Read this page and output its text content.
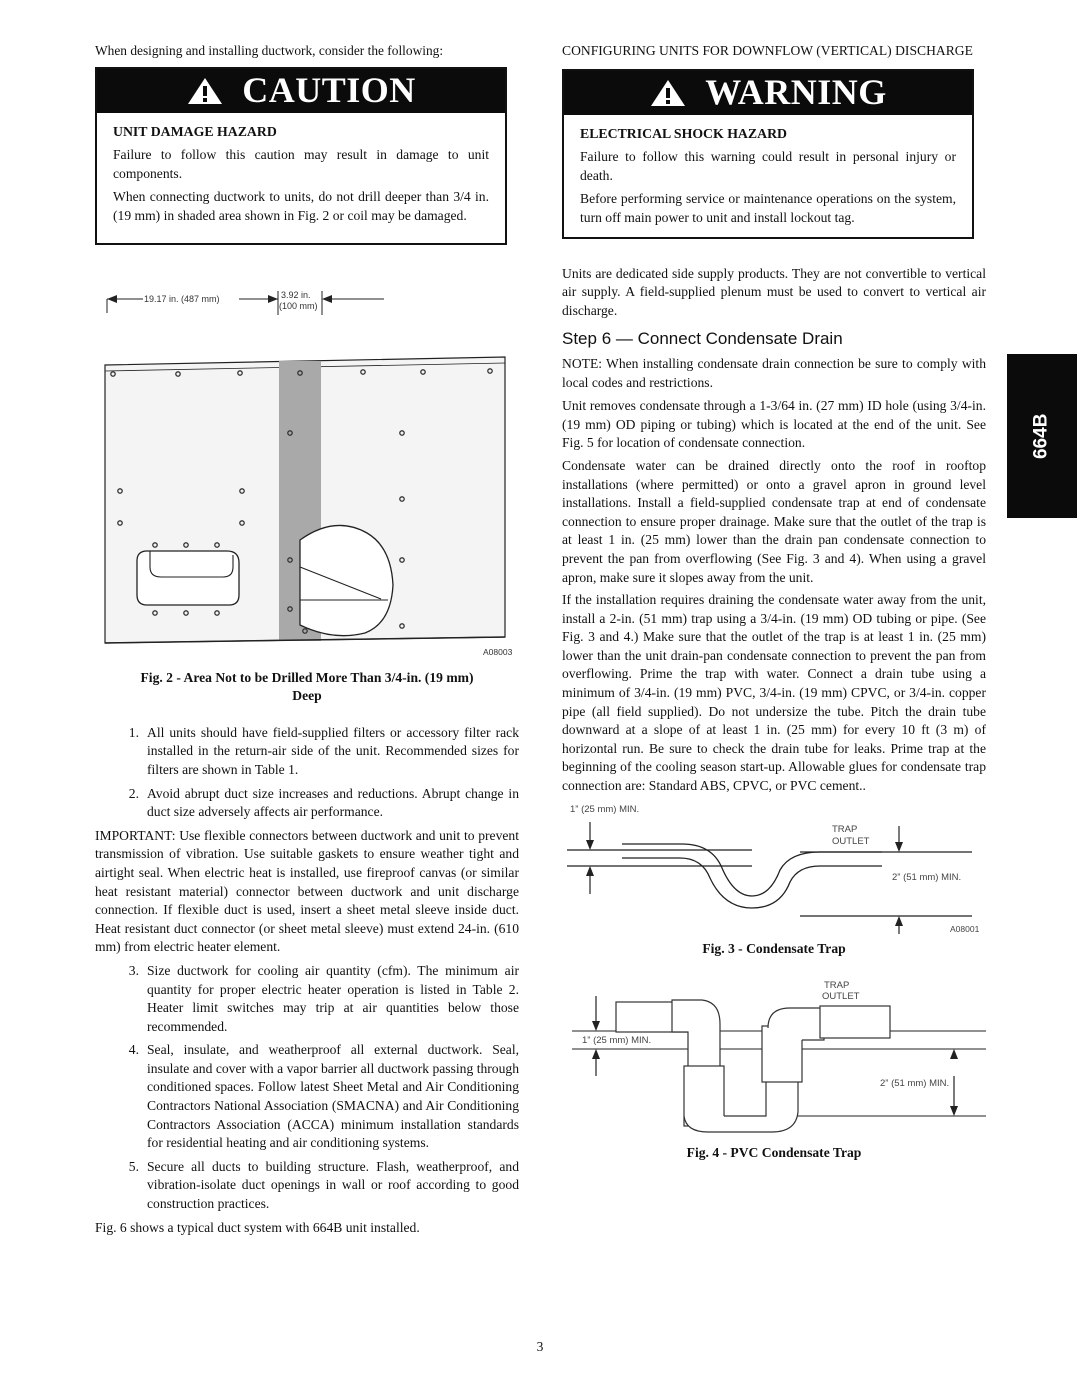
When designing and installing ductwork, consider the following:

CAUTION

UNIT DAMAGE HAZARD

Failure to follow this caution may result in damage to unit components.

When connecting ductwork to units, do not drill deeper than 3/4 in. (19 mm) in shaded area shown in Fig. 2 or coil may be damaged.

19.17 in. (487 mm)	3.92 in.
(100 mm)
A08003

Fig. 2 - Area Not to be Drilled More Than 3/4-in. (19 mm)

Deep

1. All units should have field-supplied filters or accessory filter rack installed in the return-air side of the unit. Recommended sizes for filters are shown in Table 1.
2. Avoid abrupt duct size increases and reductions. Abrupt change in duct size adversely affects air performance.

IMPORTANT: Use flexible connectors between ductwork and unit to prevent transmission of vibration. Use suitable gaskets to ensure weather tight and airtight seal. When electric heat is installed, use fireproof canvas (or similar heat resistant material) connector between ductwork and unit discharge connection. If flexible duct is used, insert a sheet metal sleeve inside duct. Heat resistant duct connector (or sheet metal sleeve) must extend 24-in. (610 mm) from electric heater element.

3. Size ductwork for cooling air quantity (cfm). The minimum air quantity for proper electric heater operation is listed in Table 2. Heater limit switches may trip at air quantities below those recommended.
4. Seal, insulate, and weatherproof all external ductwork. Seal, insulate and cover with a vapor barrier all ductwork passing through conditioned spaces. Follow latest Sheet Metal and Air Conditioning Contractors National Association (SMACNA) and Air Conditioning Contractors Association (ACCA) minimum installation standards for residential heating and air conditioning systems.
5. Secure all ducts to building structure. Flash, weatherproof, and vibration-isolate duct openings in wall or roof according to good construction practices.

Fig. 6 shows a typical duct system with 664B unit installed.

CONFIGURING UNITS FOR DOWNFLOW (VERTICAL) DISCHARGE

WARNING

ELECTRICAL SHOCK HAZARD

Failure to follow this warning could result in personal injury or death.

Before performing service or maintenance operations on the system, turn off main power to unit and install lockout tag.

Units are dedicated side supply products. They are not convertible to vertical air supply. A field-supplied plenum must be used to convert to vertical air discharge.

Step 6 — Connect Condensate Drain

NOTE: When installing condensate drain connection be sure to comply with local codes and restrictions.

Unit removes condensate through a 1-3/64 in. (27 mm) ID hole (using 3/4-in. (19 mm) OD piping or tubing) which is located at the end of the unit. See Fig. 5 for location of condensate connection.

Condensate water can be drained directly onto the roof in rooftop installations (where permitted) or onto a gravel apron in ground level installations. Install a field-supplied condensate trap at end of condensate connection to ensure proper drainage. Make sure that the outlet of the trap is at least 1 in. (25 mm) lower than the drain pan condensate connection to prevent the pan from overflowing (See Fig. 3 and 4). When using a gravel apron, make sure it slopes away from the unit.

If the installation requires draining the condensate water away from the unit, install a 2-in. (51 mm) trap using a 3/4-in. (19 mm) OD tubing or pipe. (See Fig. 3 and 4.) Make sure that the outlet of the trap is at least 1 in. (25 mm) lower than the unit drain-pan condensate connection to prevent the pan from overflowing. Prime the trap with water. Connect a drain tube using a minimum of 3/4-in. (19 mm) PVC, 3/4-in. (19 mm) CPVC, or 3/4-in. copper pipe (all field supplied). Do not undersize the tube. Pitch the drain tube downward at a slope of at least 1 in. (25 mm) for every 10 ft (3 m) of horizontal run. Be sure to check the drain tube for leaks. Prime trap at the beginning of the cooling season start-up. Allowable glues for condensate trap connection are: Standard ABS, CPVC, or PVC cement..

1” (25 mm) MIN.
TRAP
OUTLET
2” (51 mm) MIN.
A08001

Fig. 3 - Condensate Trap

TRAP
OUTLET
1” (25 mm) MIN.
2” (51 mm) MIN.

Fig. 4 - PVC Condensate Trap

664B
3
